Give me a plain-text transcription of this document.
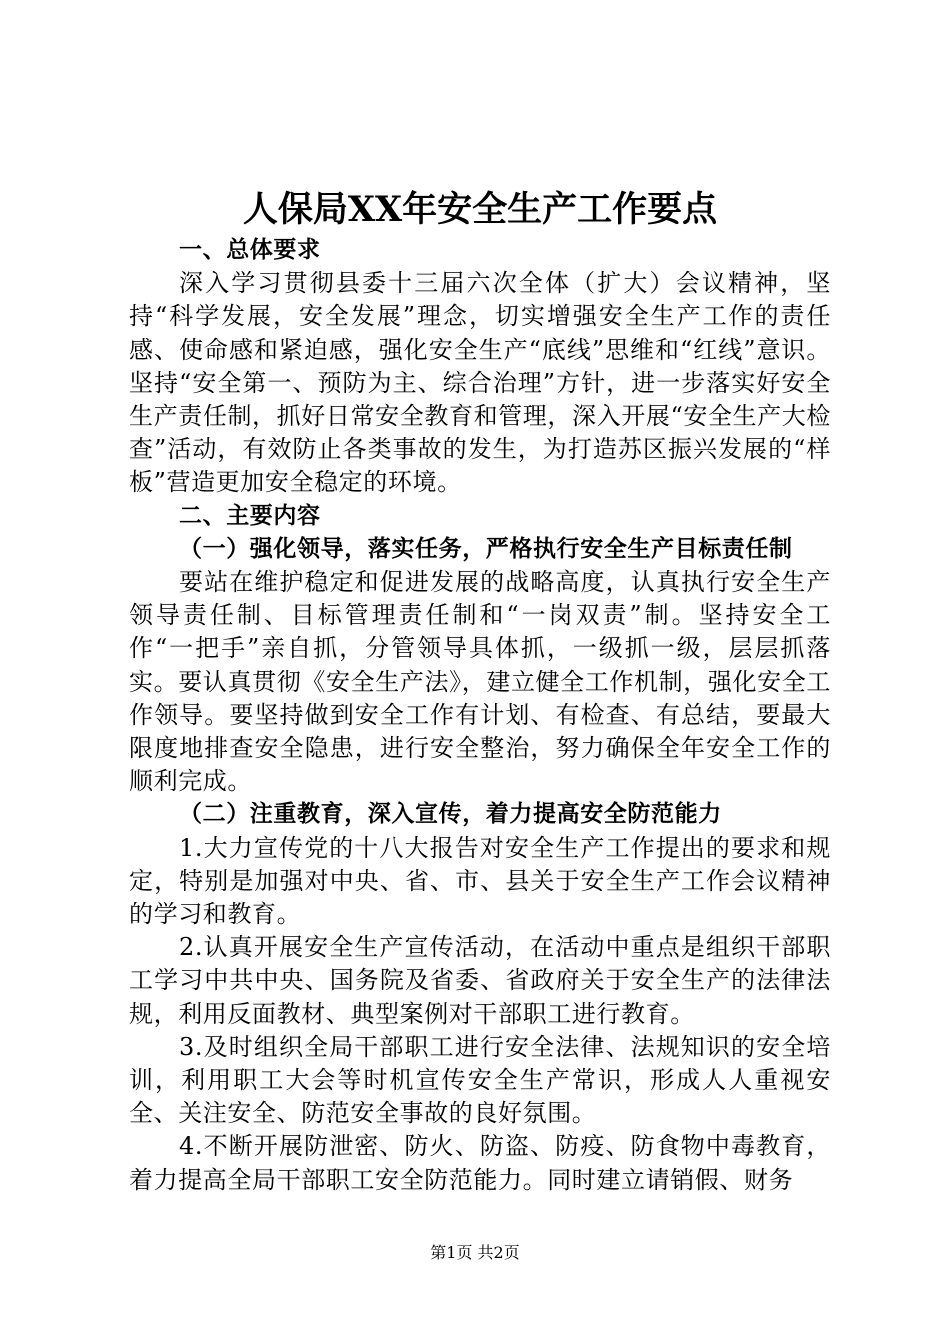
人保局XX年安全生产工作要点

一、总体要求

深入学习贯彻县委十三届六次全体（扩大）会议精神，坚持“科学发展，安全发展”理念，切实增强安全生产工作的责任感、使命感和紧迫感，强化安全生产“底线”思维和“红线”意识。坚持“安全第一、预防为主、综合治理”方针，进一步落实好安全生产责任制，抓好日常安全教育和管理，深入开展“安全生产大检查”活动，有效防止各类事故的发生，为打造苏区振兴发展的“样板”营造更加安全稳定的环境。

二、主要内容

（一）强化领导，落实任务，严格执行安全生产目标责任制

要站在维护稳定和促进发展的战略高度，认真执行安全生产领导责任制、目标管理责任制和“一岗双责”制。坚持安全工作“一把手”亲自抓，分管领导具体抓，一级抓一级，层层抓落实。要认真贯彻《安全生产法》，建立健全工作机制，强化安全工作领导。要坚持做到安全工作有计划、有检查、有总结，要最大限度地排查安全隐患，进行安全整治，努力确保全年安全工作的顺利完成。

（二）注重教育，深入宣传，着力提高安全防范能力

1.大力宣传党的十八大报告对安全生产工作提出的要求和规定，特别是加强对中央、省、市、县关于安全生产工作会议精神的学习和教育。

2.认真开展安全生产宣传活动，在活动中重点是组织干部职工学习中共中央、国务院及省委、省政府关于安全生产的法律法规，利用反面教材、典型案例对干部职工进行教育。

3.及时组织全局干部职工进行安全法律、法规知识的安全培训，利用职工大会等时机宣传安全生产常识，形成人人重视安全、关注安全、防范安全事故的良好氛围。

4.不断开展防泄密、防火、防盗、防疫、防食物中毒教育，着力提高全局干部职工安全防范能力。同时建立请销假、财务

第1页 共2页
